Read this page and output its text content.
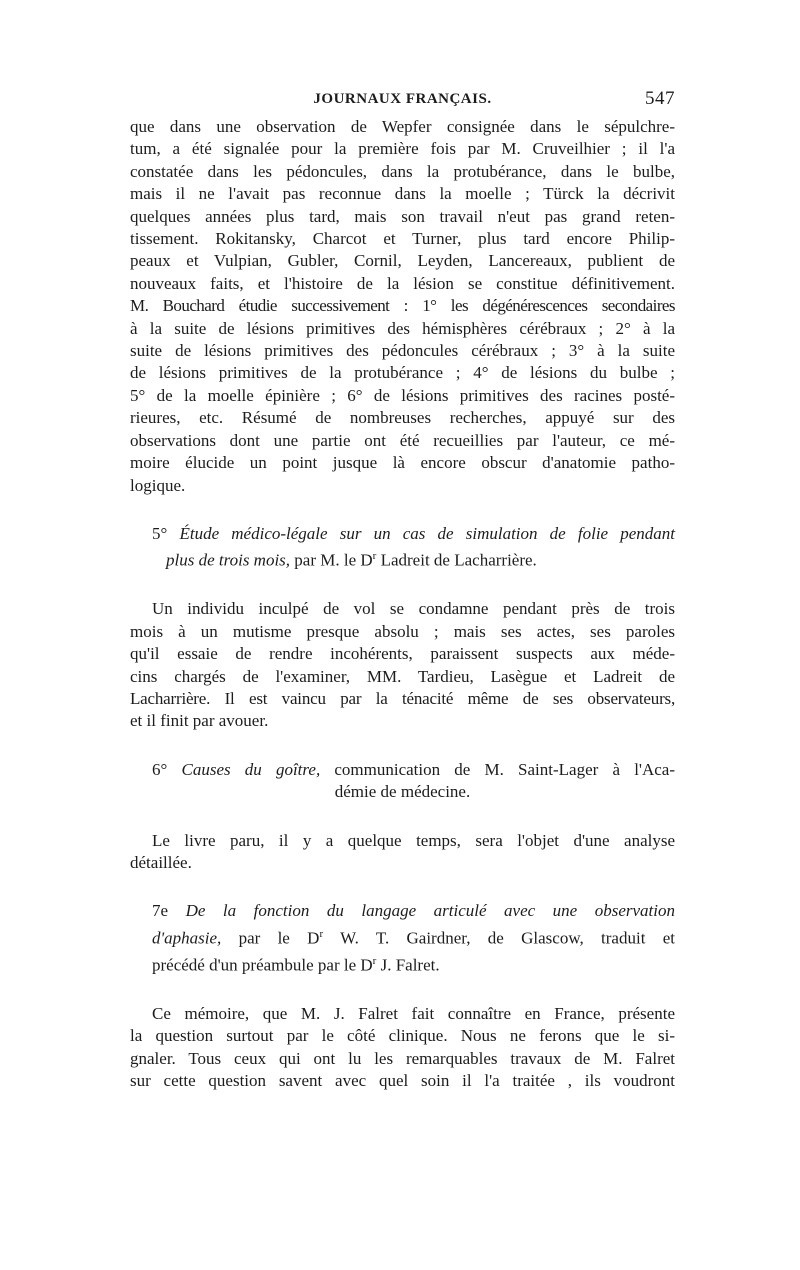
JOURNAUX FRANÇAIS.	547

que dans une observation de Wepfer consignée dans le sépulchre-
tum, a été signalée pour la première fois par M. Cruveilhier ; il l'a
constatée dans les pédoncules, dans la protubérance, dans le bulbe,
mais il ne l'avait pas reconnue dans la moelle ; Türck la décrivit
quelques années plus tard, mais son travail n'eut pas grand reten-
tissement. Rokitansky, Charcot et Turner, plus tard encore Philip-
peaux et Vulpian, Gubler, Cornil, Leyden, Lancereaux, publient de
nouveaux faits, et l'histoire de la lésion se constitue définitivement.
M. Bouchard étudie successivement : 1° les dégénérescences secondaires
à la suite de lésions primitives des hémisphères cérébraux ; 2° à la
suite de lésions primitives des pédoncules cérébraux ; 3° à la suite
de lésions primitives de la protubérance ; 4° de lésions du bulbe ;
5° de la moelle épinière ; 6° de lésions primitives des racines posté-
rieures, etc. Résumé de nombreuses recherches, appuyé sur des
observations dont une partie ont été recueillies par l'auteur, ce mé-
moire élucide un point jusque là encore obscur d'anatomie patho-
logique.

5° Étude médico-légale sur un cas de simulation de folie pendant
plus de trois mois, par M. le $D^r$ Ladreit de Lacharrière.

Un individu inculpé de vol se condamne pendant près de trois
mois à un mutisme presque absolu ; mais ses actes, ses paroles
qu'il essaie de rendre incohérents, paraissent suspects aux méde-
cins chargés de l'examiner, MM. Tardieu, Lasègue et Ladreit de
Lacharrière. Il est vaincu par la ténacité même de ses observateurs,
et il finit par avouer.

6° Causes du goître, communication de M. Saint-Lager à l'Aca-
démie de médecine.

Le livre paru, il y a quelque temps, sera l'objet d'une analyse
détaillée.

7e De la fonction du langage articulé avec une observation
d'aphasie, par le $D^r$ W. T. Gairdner, de Glascow, traduit et
précédé d'un préambule par le $D^r$ J. Falret.

Ce mémoire, que M. J. Falret fait connaître en France, présente
la question surtout par le côté clinique. Nous ne ferons que le si-
gnaler. Tous ceux qui ont lu les remarquables travaux de M. Falret
sur cette question savent avec quel soin il l'a traitée , ils voudront
